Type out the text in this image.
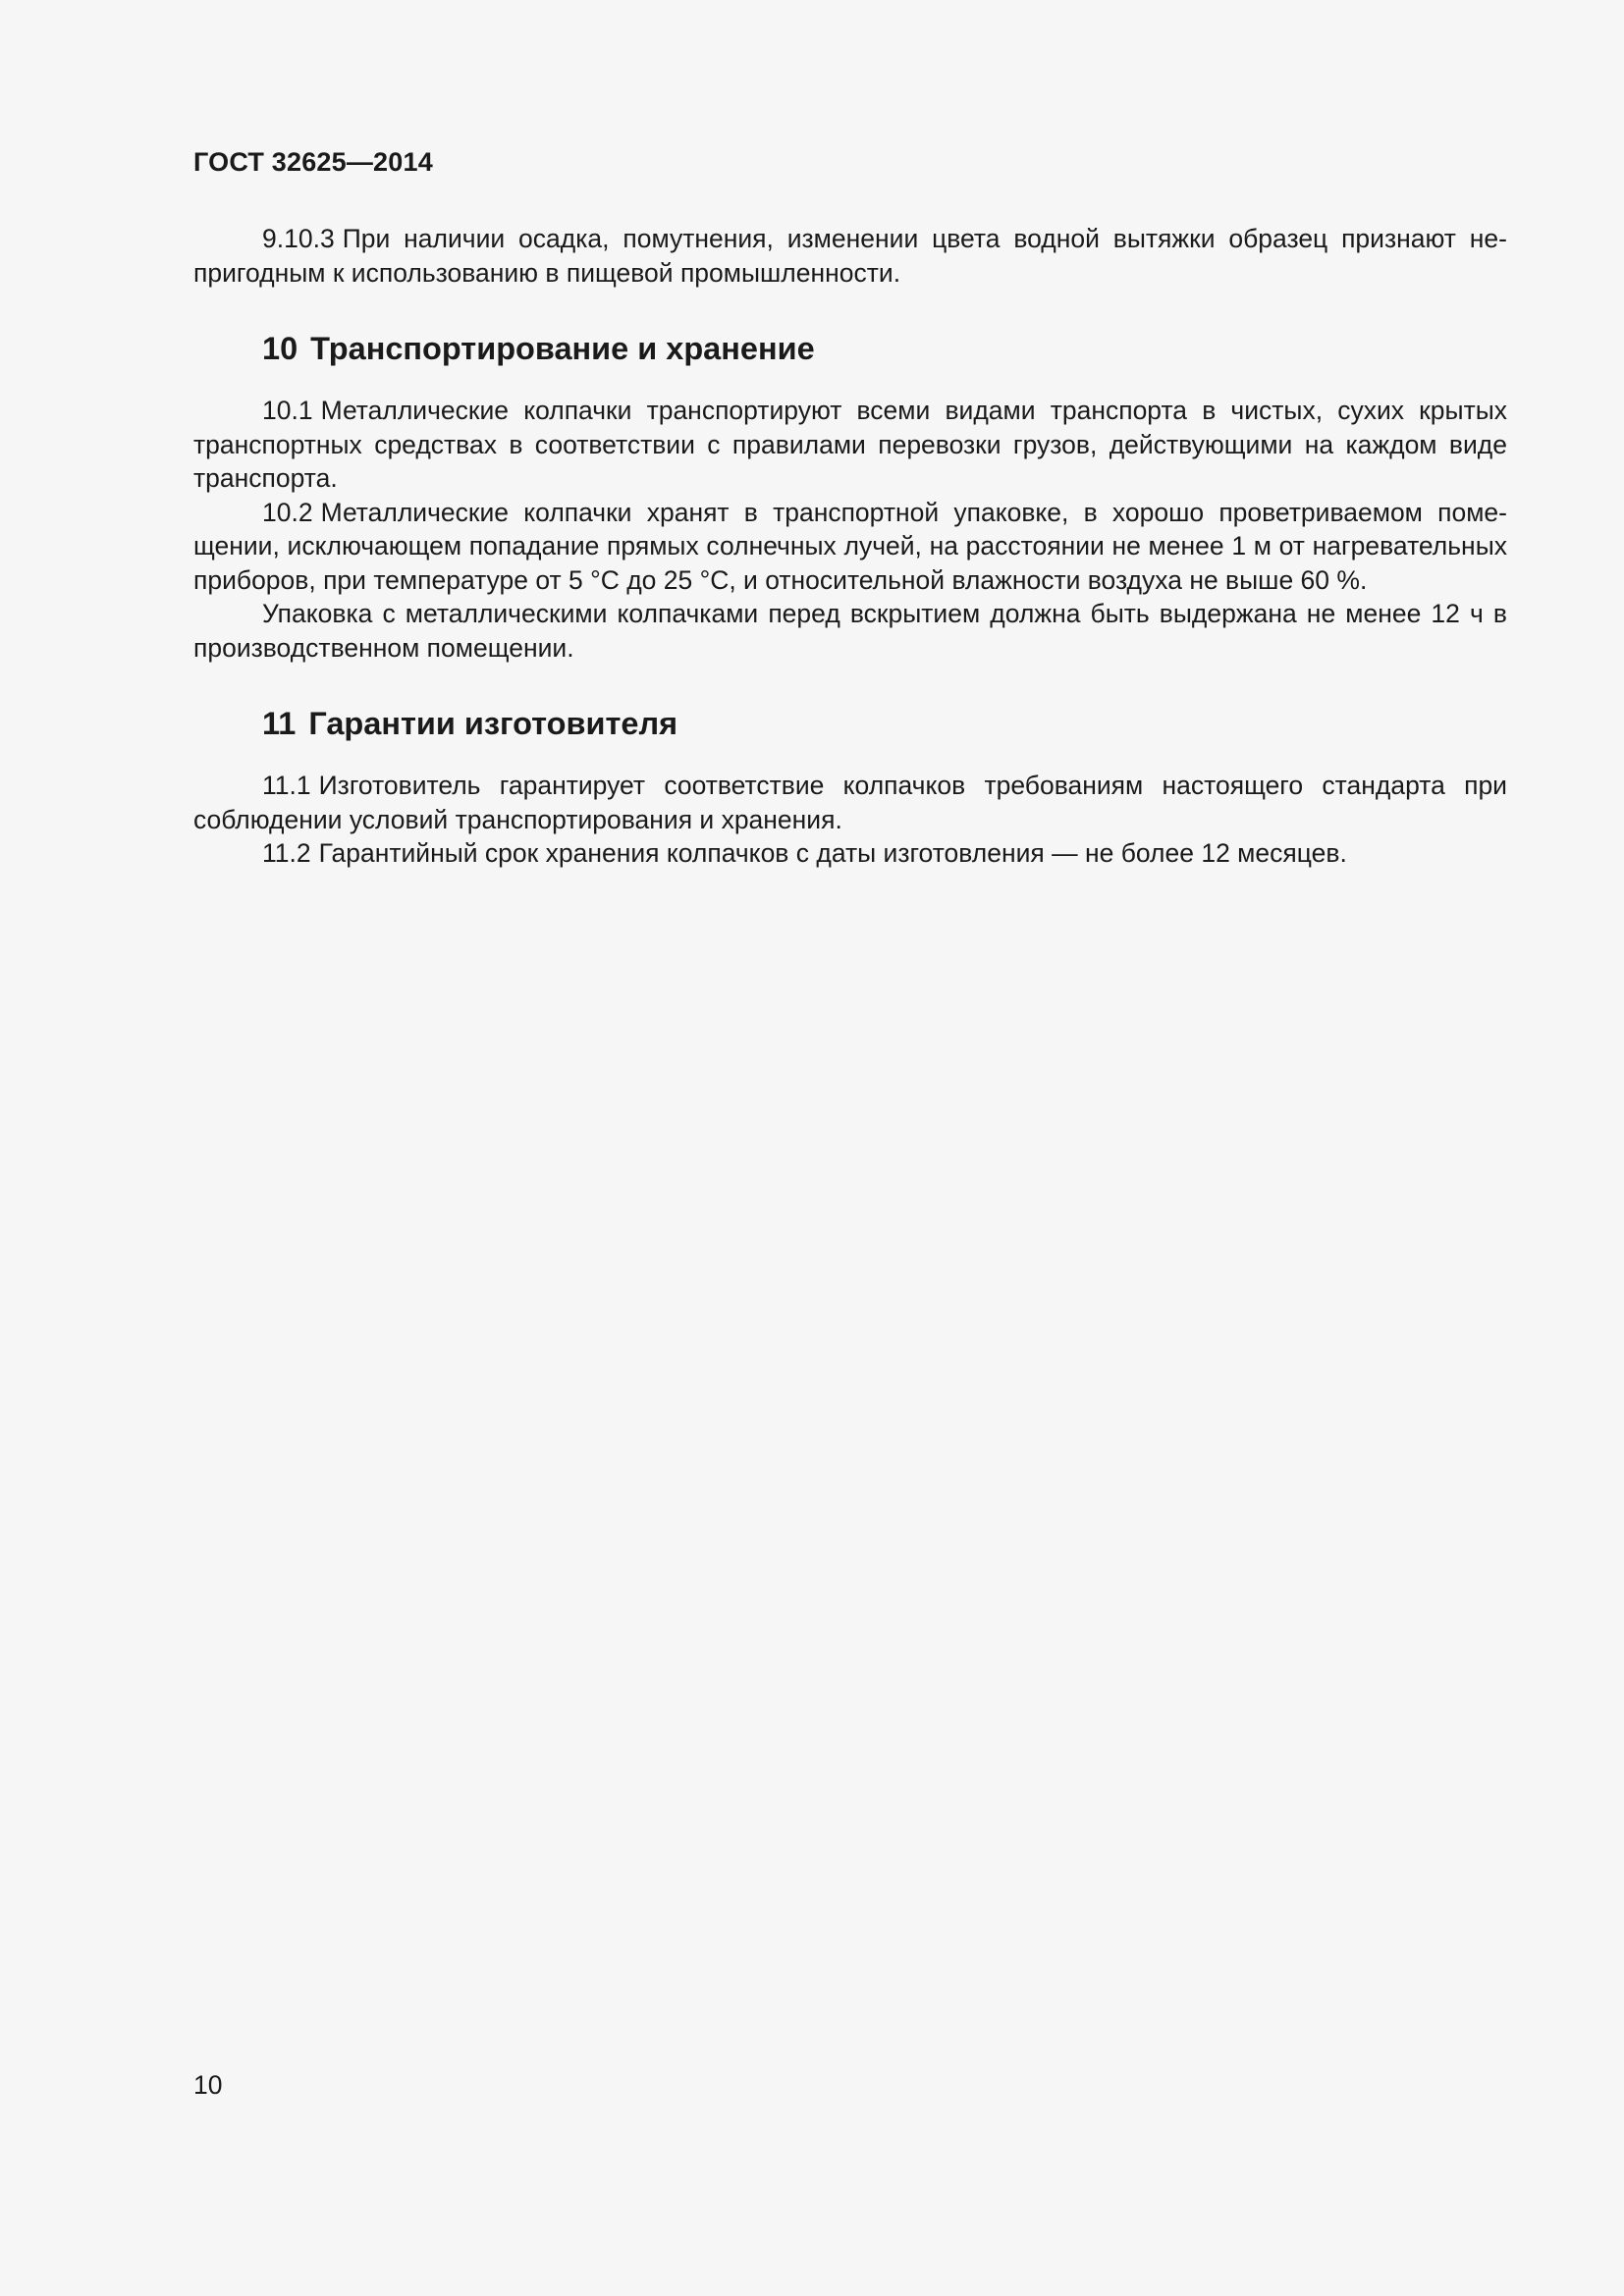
ГОСТ 32625—2014

9.10.3 При наличии осадка, помутнения, изменении цвета водной вытяжки образец признают непригодным к использованию в пищевой промышленности.

10 Транспортирование и хранение

10.1 Металлические колпачки транспортируют всеми видами транспорта в чистых, сухих крытых транспортных средствах в соответствии с правилами перевозки грузов, действующими на каждом виде транспорта.

10.2 Металлические колпачки хранят в транспортной упаковке, в хорошо проветриваемом помещении, исключающем попадание прямых солнечных лучей, на расстоянии не менее 1 м от нагревательных приборов, при температуре от 5 °С до 25 °С, и относительной влажности воздуха не выше 60 %.

Упаковка с металлическими колпачками перед вскрытием должна быть выдержана не менее 12 ч в производственном помещении.

11 Гарантии изготовителя

11.1 Изготовитель гарантирует соответствие колпачков требованиям настоящего стандарта при соблюдении условий транспортирования и хранения.

11.2 Гарантийный срок хранения колпачков с даты изготовления — не более 12 месяцев.

10
